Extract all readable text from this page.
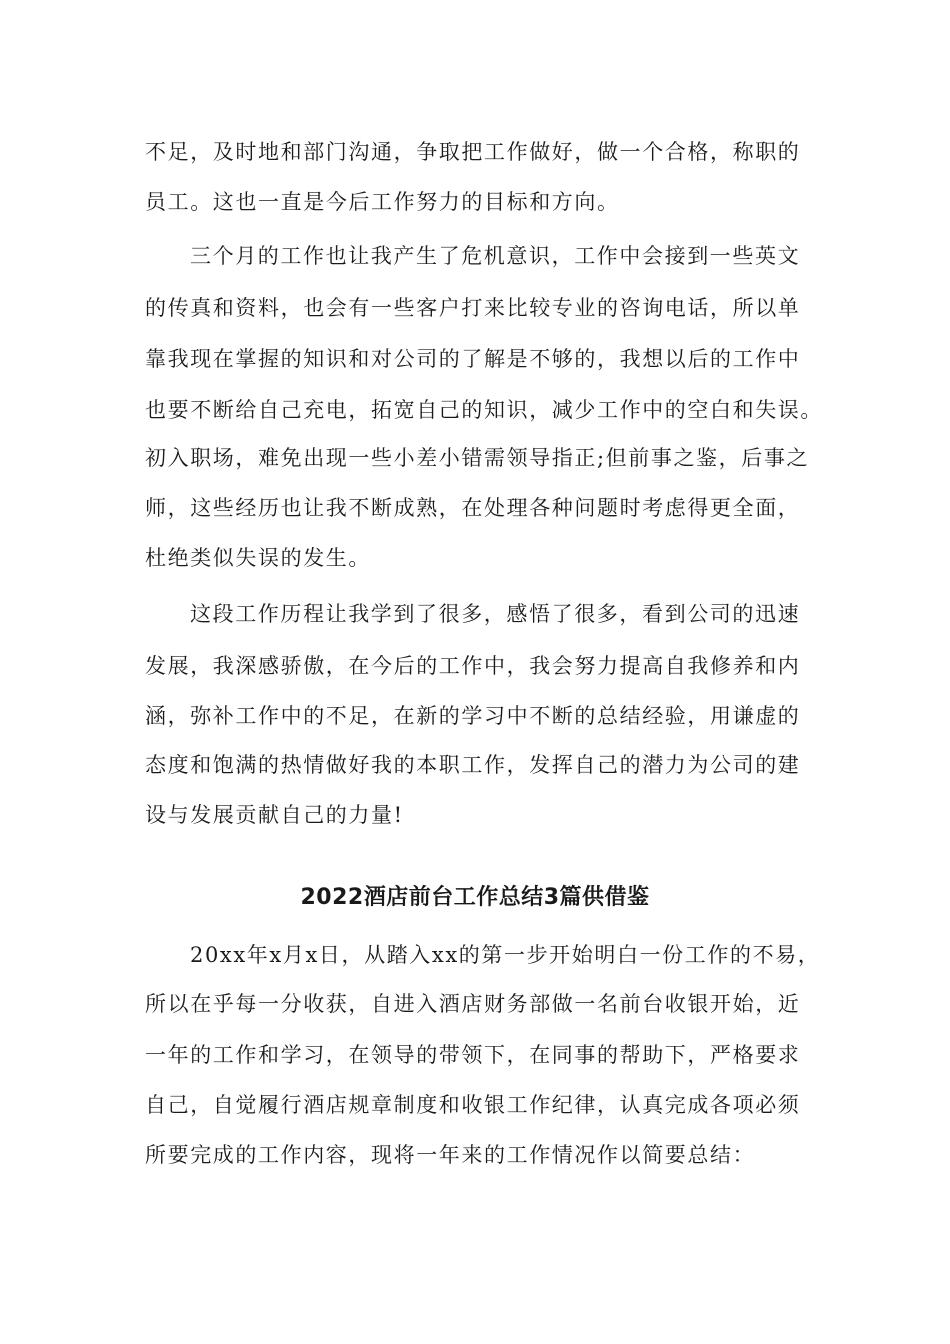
不足，及时地和部门沟通，争取把工作做好，做一个合格，称职的
员工。这也一直是今后工作努力的目标和方向。
三个月的工作也让我产生了危机意识，工作中会接到一些英文
的传真和资料，也会有一些客户打来比较专业的咨询电话，所以单
靠我现在掌握的知识和对公司的了解是不够的，我想以后的工作中
也要不断给自己充电，拓宽自己的知识，减少工作中的空白和失误。
初入职场，难免出现一些小差小错需领导指正;但前事之鉴，后事之
师，这些经历也让我不断成熟，在处理各种问题时考虑得更全面，
杜绝类似失误的发生。
这段工作历程让我学到了很多，感悟了很多，看到公司的迅速
发展，我深感骄傲，在今后的工作中，我会努力提高自我修养和内
涵，弥补工作中的不足，在新的学习中不断的总结经验，用谦虚的
态度和饱满的热情做好我的本职工作，发挥自己的潜力为公司的建
设与发展贡献自己的力量!
2022酒店前台工作总结3篇供借鉴
20xx年x月x日，从踏入xx的第一步开始明白一份工作的不易，
所以在乎每一分收获，自进入酒店财务部做一名前台收银开始，近
一年的工作和学习，在领导的带领下，在同事的帮助下，严格要求
自己，自觉履行酒店规章制度和收银工作纪律，认真完成各项必须
所要完成的工作内容，现将一年来的工作情况作以简要总结：
